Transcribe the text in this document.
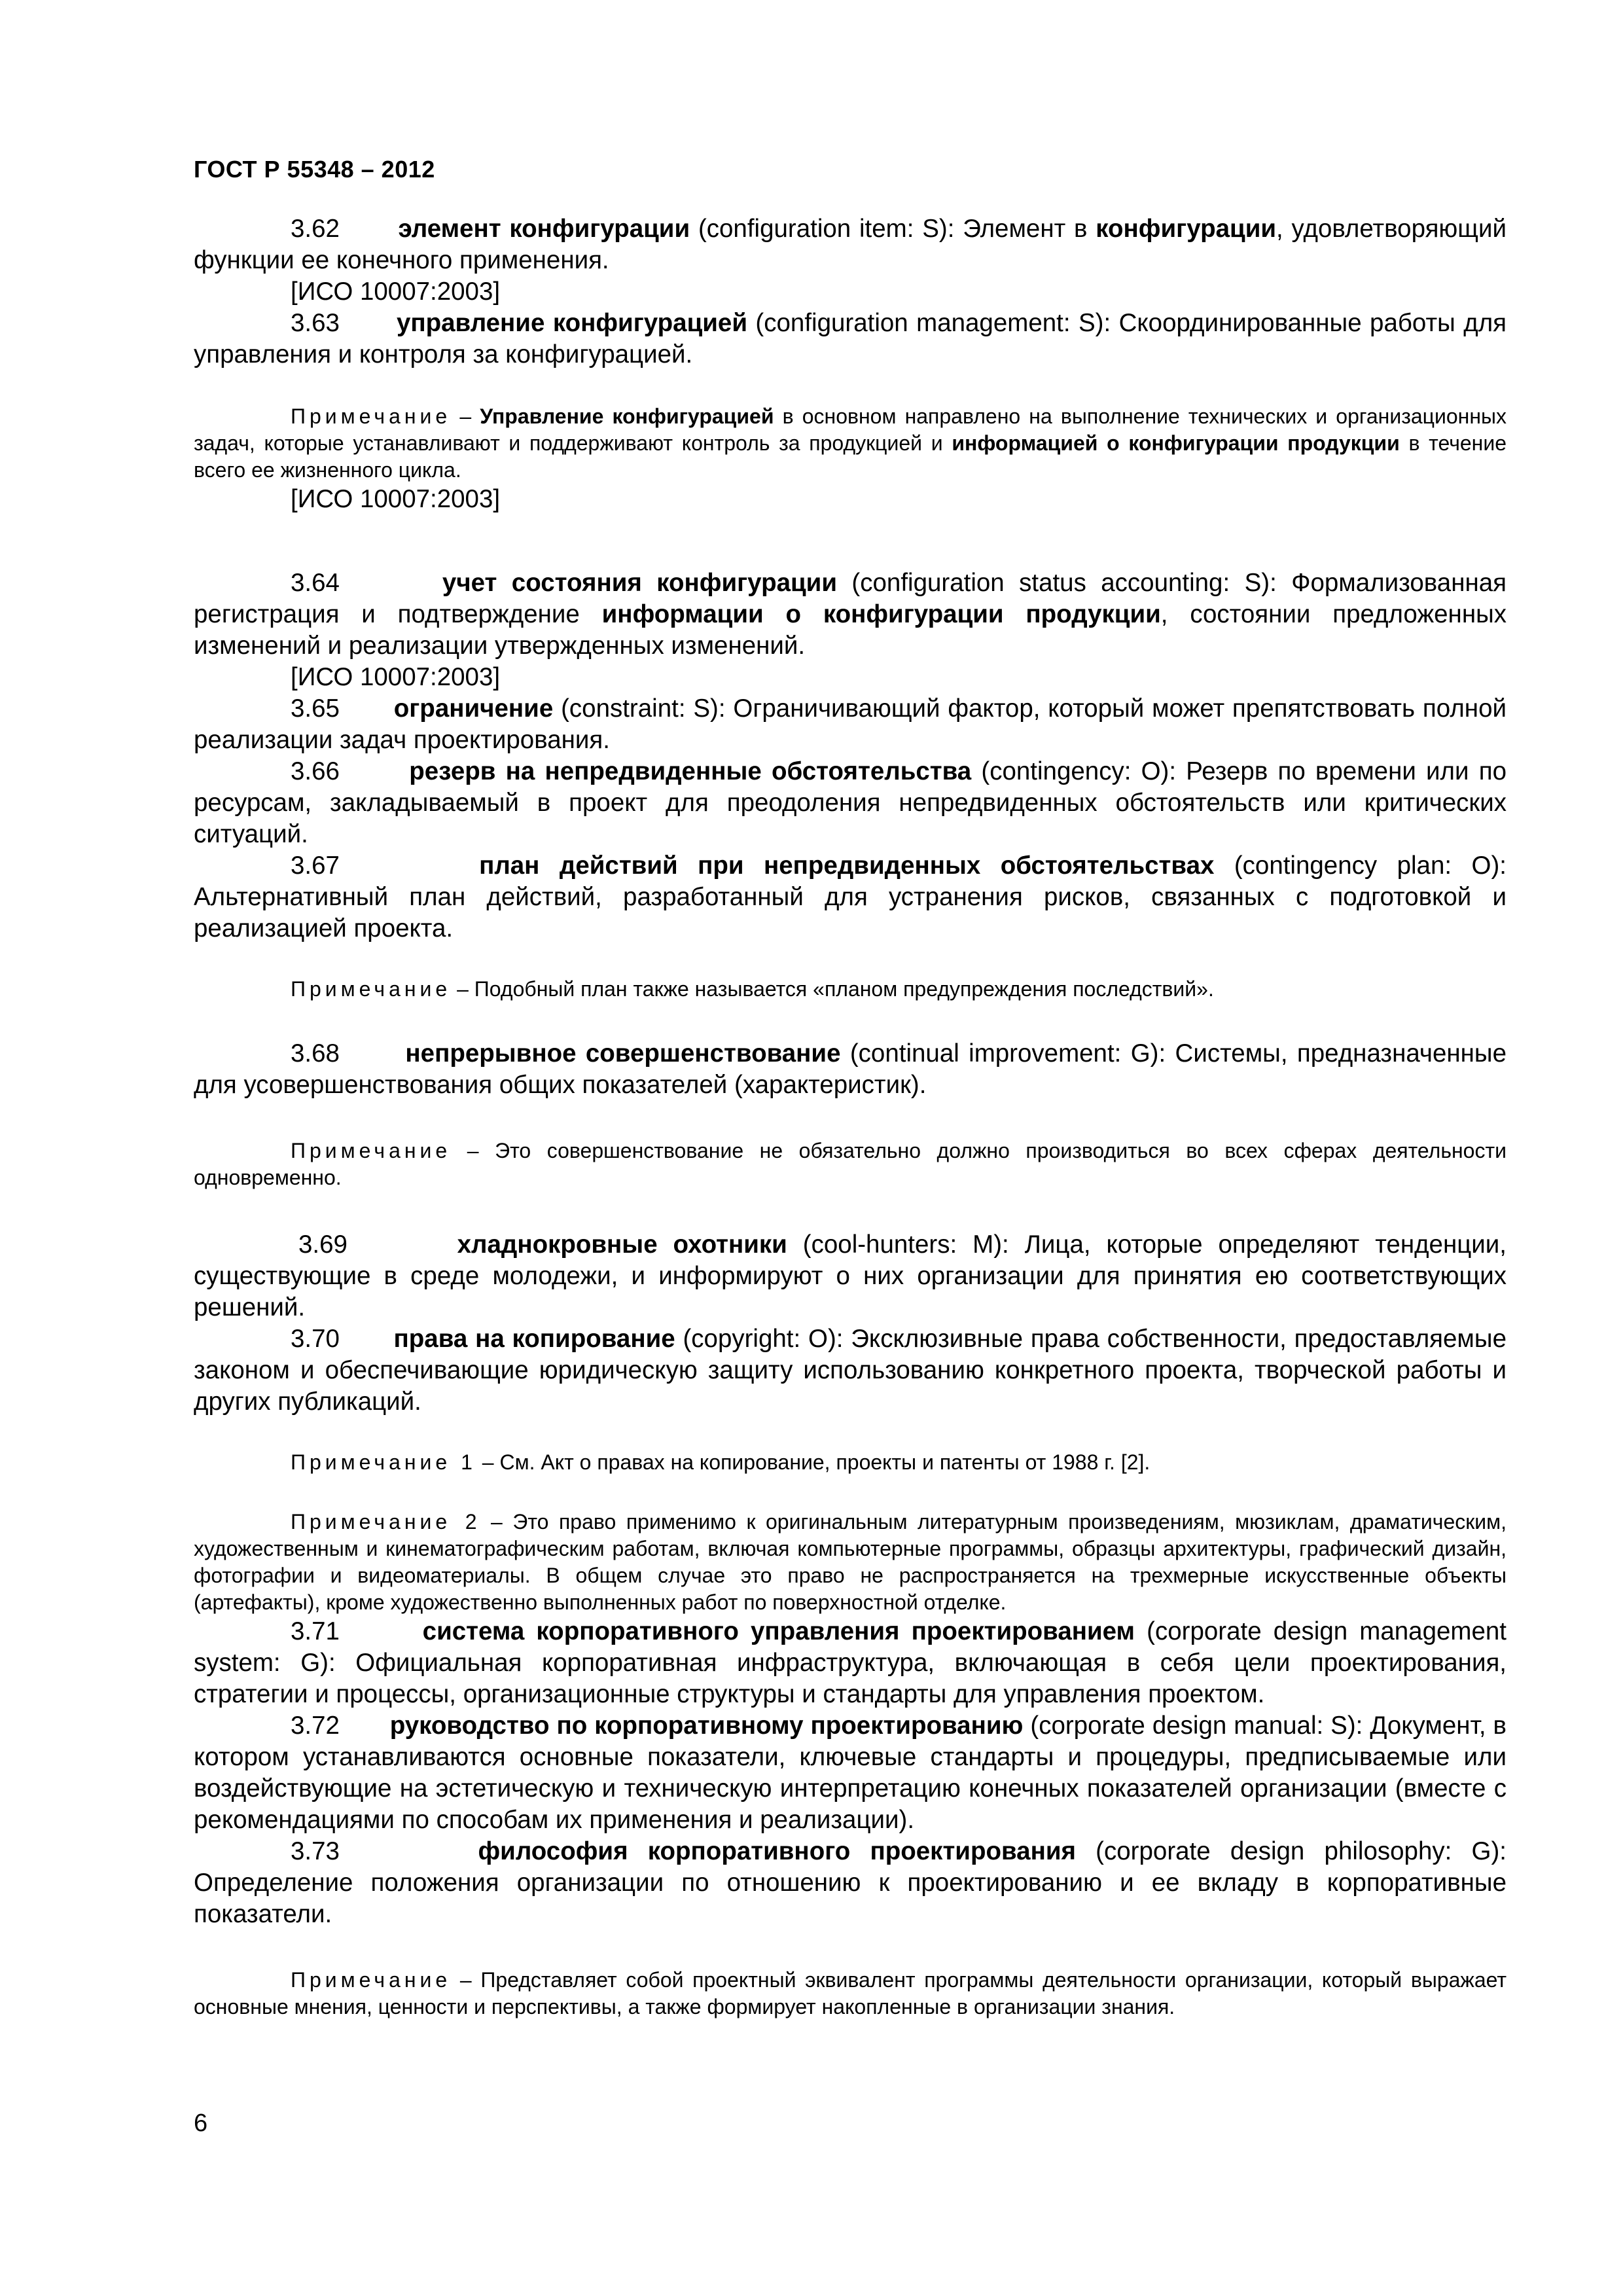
ГОСТ Р 55348 – 2012

3.62 элемент конфигурации (configuration item: S): Элемент в конфигурации, удовлетворяющий функции ее конечного применения.

[ИСО 10007:2003]

3.63 управление конфигурацией (configuration management: S): Скоординированные работы для управления и контроля за конфигурацией.

Примечание – Управление конфигурацией в основном направлено на выполнение технических и организационных задач, которые устанавливают и поддерживают контроль за продукцией и информацией о конфигурации продукции в течение всего ее жизненного цикла.

[ИСО 10007:2003]

3.64	учет состояния конфигурации (configuration status accounting: S): Формализованная регистрация и подтверждение информации о конфигурации продукции, состоянии предложенных изменений и реализации утвержденных изменений.

[ИСО 10007:2003]

3.65 ограничение (constraint: S): Ограничивающий фактор, который может препятствовать полной реализации задач проектирования.

3.66	резерв на непредвиденные обстоятельства (contingency: O): Резерв по времени или по ресурсам, закладываемый в проект для преодоления непредвиденных обстоятельств или критических ситуаций.

3.67	план действий при непредвиденных обстоятельствах (contingency plan: O): Альтернативный план действий, разработанный для устранения рисков, связанных с подготовкой и реализацией проекта.

Примечание – Подобный план также называется «планом предупреждения последствий».

3.68	непрерывное совершенствование (continual improvement: G): Системы, предназначенные для усовершенствования общих показателей (характеристик).

Примечание – Это совершенствование не обязательно должно производиться во всех сферах деятельности одновременно.

3.69	хладнокровные охотники (cool-hunters: M): Лица, которые определяют тенденции, существующие в среде молодежи, и информируют о них организации для принятия ею соответствующих решений.

3.70 права на копирование (copyright: O): Эксклюзивные права собственности, предоставляемые законом и обеспечивающие юридическую защиту использованию конкретного проекта, творческой работы и других публикаций.

Примечание 1 – См. Акт о правах на копирование, проекты и патенты от 1988 г. [2].

Примечание 2 – Это право применимо к оригинальным литературным произведениям, мюзиклам, драматическим, художественным и кинематографическим работам, включая компьютерные программы, образцы архитектуры, графический дизайн, фотографии и видеоматериалы. В общем случае это право не распространяется на трехмерные искусственные объекты (артефакты), кроме художественно выполненных работ по поверхностной отделке.

3.71	система корпоративного управления проектированием (corporate design management system: G): Официальная корпоративная инфраструктура, включающая в себя цели проектирования, стратегии и процессы, организационные структуры и стандарты для управления проектом.

3.72 руководство по корпоративному проектированию (corporate design manual: S): Документ, в котором устанавливаются основные показатели, ключевые стандарты и процедуры, предписываемые или воздействующие на эстетическую и техническую интерпретацию конечных показателей организации (вместе с рекомендациями по способам их применения и реализации).

3.73	философия корпоративного проектирования (corporate design philosophy: G): Определение положения организации по отношению к проектированию и ее вкладу в корпоративные показатели.

Примечание – Представляет собой проектный эквивалент программы деятельности организации, который выражает основные мнения, ценности и перспективы, а также формирует накопленные в организации знания.

6
